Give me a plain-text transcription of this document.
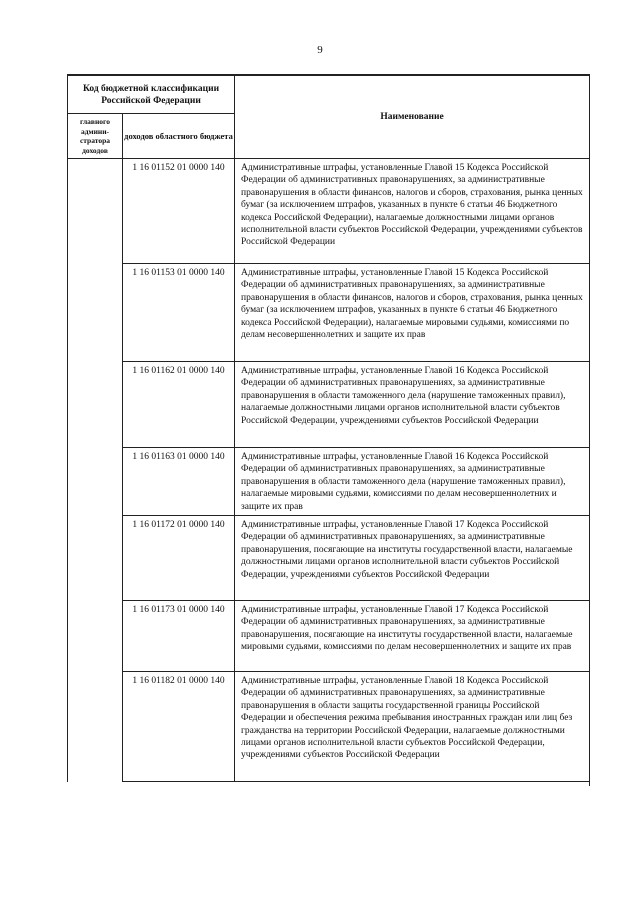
9
Код бюджетной классификации Российской Федерации		Наименование
главного админи-стратора доходов	доходов областного бюджета	
	1 16 01152 01 0000 140	Административные штрафы, установленные Главой 15 Кодекса Российской Федерации об административных правонарушениях, за административные правонарушения в области финансов, налогов и сборов, страхования, рынка ценных бумаг (за исключением штрафов, указанных в пункте 6 статьи 46 Бюджетного кодекса Российской Федерации), налагаемые должностными лицами органов исполнительной власти субъектов Российской Федерации, учреждениями субъектов Российской Федерации
	1 16 01153 01 0000 140	Административные штрафы, установленные Главой 15 Кодекса Российской Федерации об административных правонарушениях, за административные правонарушения в области финансов, налогов и сборов, страхования, рынка ценных бумаг (за исключением штрафов, указанных в пункте 6 статьи 46 Бюджетного кодекса Российской Федерации), налагаемые мировыми судьями, комиссиями по делам несовершеннолетних и защите их прав
	1 16 01162 01 0000 140	Административные штрафы, установленные Главой 16 Кодекса Российской Федерации об административных правонарушениях, за административные правонарушения в области таможенного дела (нарушение таможенных правил), налагаемые должностными лицами органов исполнительной власти субъектов Российской Федерации, учреждениями субъектов Российской Федерации
	1 16 01163 01 0000 140	Административные штрафы, установленные Главой 16 Кодекса Российской Федерации об административных правонарушениях, за административные правонарушения в области таможенного дела (нарушение таможенных правил), налагаемые мировыми судьями, комиссиями по делам несовершеннолетних и защите их прав
	1 16 01172 01 0000 140	Административные штрафы, установленные Главой 17 Кодекса Российской Федерации об административных правонарушениях, за административные правонарушения, посягающие на институты государственной власти, налагаемые должностными лицами органов исполнительной власти субъектов Российской Федерации, учреждениями субъектов Российской Федерации
	1 16 01173 01 0000 140	Административные штрафы, установленные Главой 17 Кодекса Российской Федерации об административных правонарушениях, за административные правонарушения, посягающие на институты государственной власти, налагаемые мировыми судьями, комиссиями по делам несовершеннолетних и защите их прав
	1 16 01182 01 0000 140	Административные штрафы, установленные Главой 18 Кодекса Российской Федерации об административных правонарушениях, за административные правонарушения в области защиты государственной границы Российской Федерации и обеспечения режима пребывания иностранных граждан или лиц без гражданства на территории Российской Федерации, налагаемые должностными лицами органов исполнительной власти субъектов Российской Федерации, учреждениями субъектов Российской Федерации
